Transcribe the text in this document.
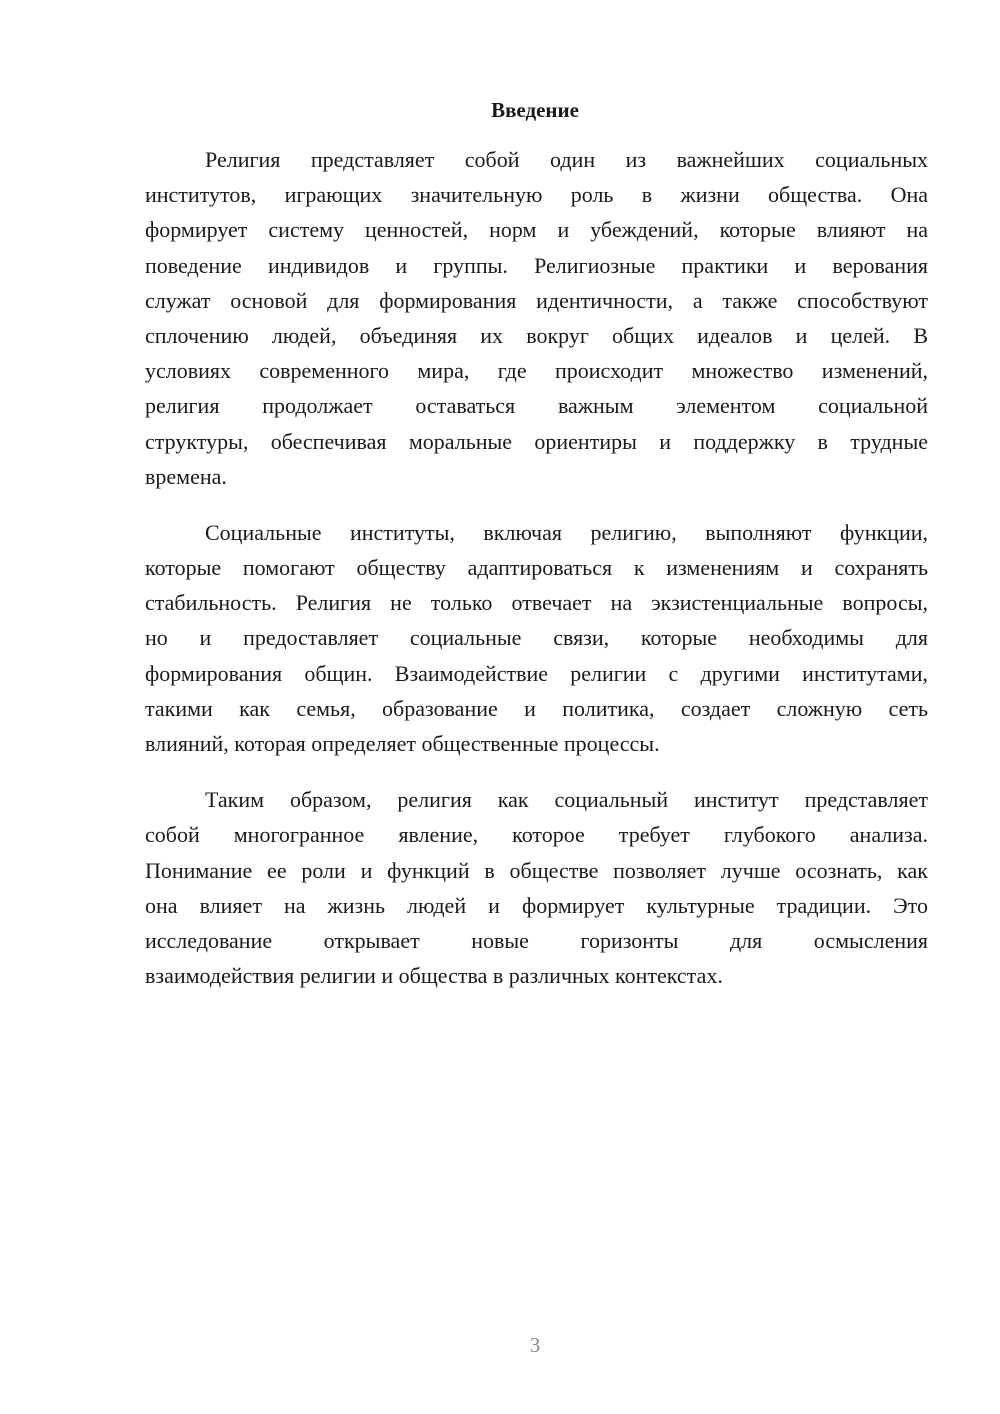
Введение
Религия представляет собой один из важнейших социальных
институтов, играющих значительную роль в жизни общества. Она
формирует систему ценностей, норм и убеждений, которые влияют на
поведение индивидов и группы. Религиозные практики и верования
служат основой для формирования идентичности, а также способствуют
сплочению людей, объединяя их вокруг общих идеалов и целей. В
условиях современного мира, где происходит множество изменений,
религия продолжает оставаться важным элементом социальной
структуры, обеспечивая моральные ориентиры и поддержку в трудные
времена.
Социальные институты, включая религию, выполняют функции,
которые помогают обществу адаптироваться к изменениям и сохранять
стабильность. Религия не только отвечает на экзистенциальные вопросы,
но и предоставляет социальные связи, которые необходимы для
формирования общин. Взаимодействие религии с другими институтами,
такими как семья, образование и политика, создает сложную сеть
влияний, которая определяет общественные процессы.
Таким образом, религия как социальный институт представляет
собой многогранное явление, которое требует глубокого анализа.
Понимание ее роли и функций в обществе позволяет лучше осознать, как
она влияет на жизнь людей и формирует культурные традиции. Это
исследование открывает новые горизонты для осмысления
взаимодействия религии и общества в различных контекстах.
3
